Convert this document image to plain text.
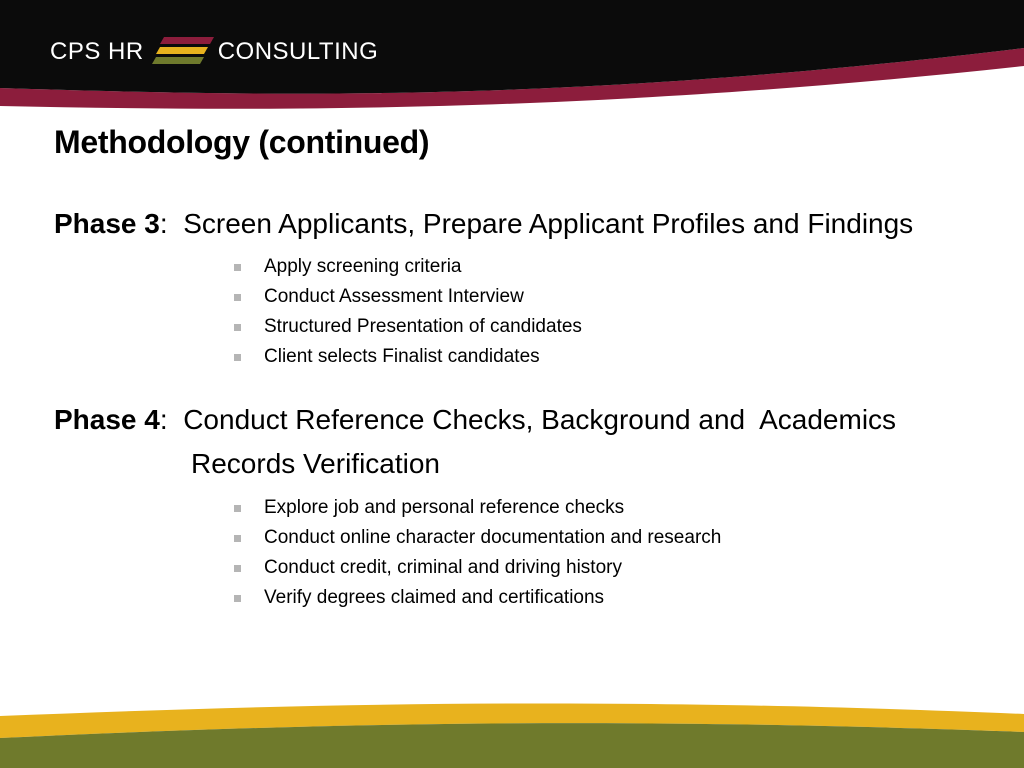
CPS HR	CONSULTING
Methodology (continued)
Phase 3: Screen Applicants, Prepare Applicant Profiles and Findings
Apply screening criteria
Conduct Assessment Interview
Structured Presentation of candidates
Client selects Finalist candidates
Phase 4: Conduct Reference Checks, Background and  Academics
Records Verification
Explore job and personal reference checks
Conduct online character documentation and research
Conduct credit, criminal and driving history
Verify degrees claimed and certifications
